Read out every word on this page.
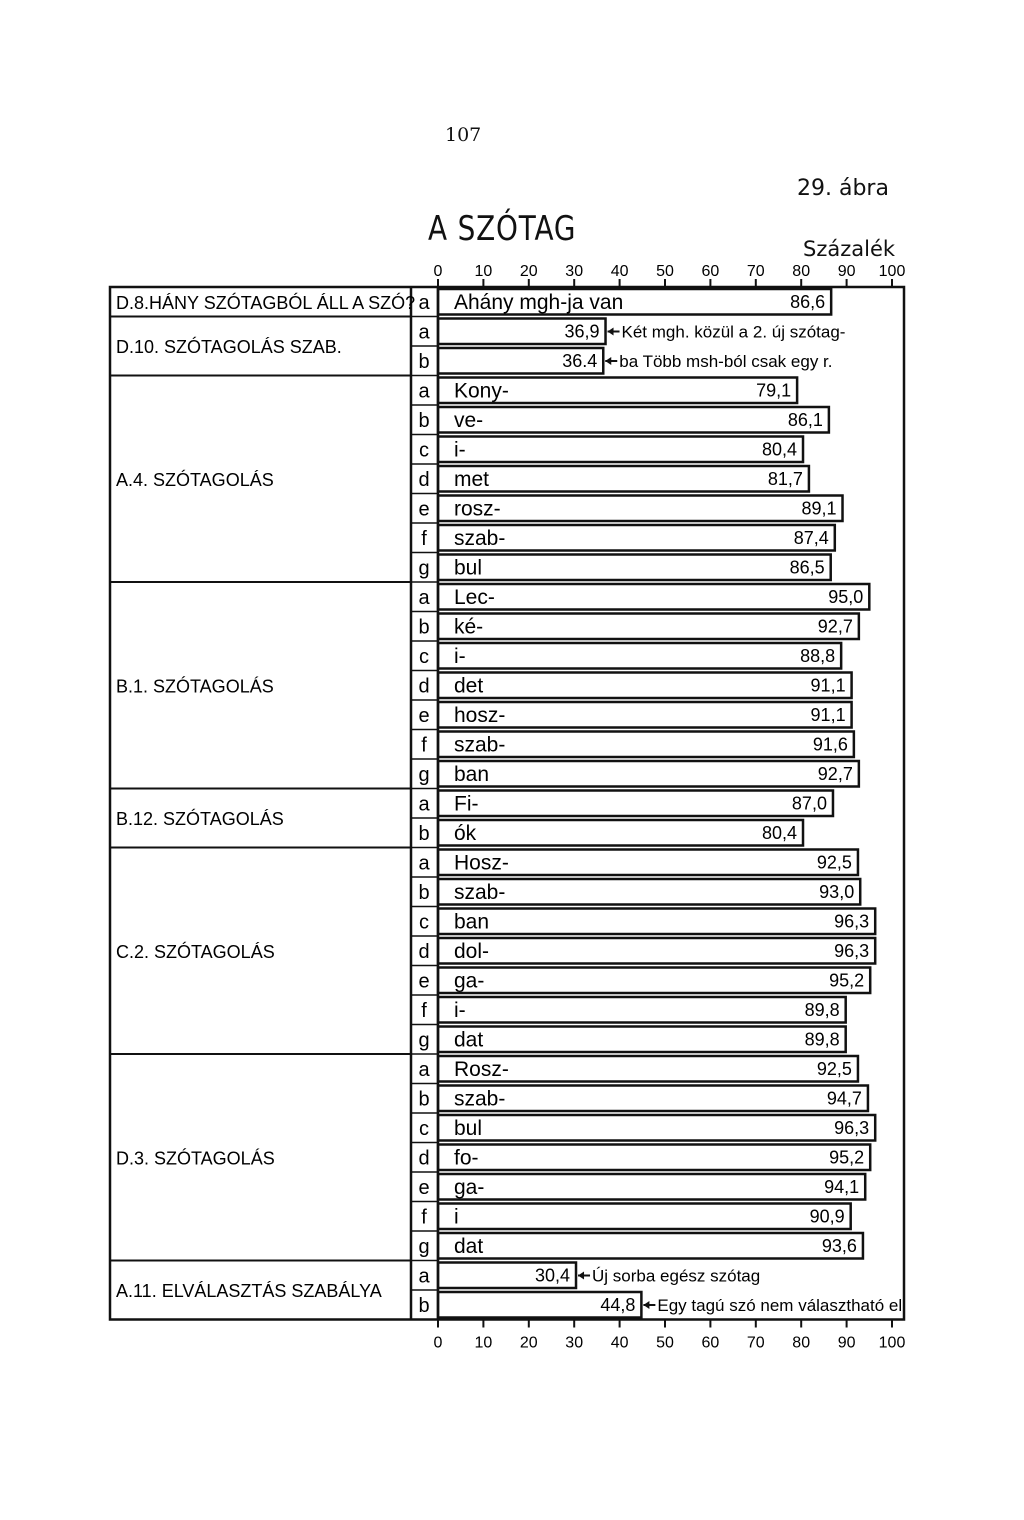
107
29. ábra
A SZÓTAG	Százalék
0
0
10
10
20
20
30
30
40
40
50
50
60
60
70
70
80
80
90
90
100
100
D.8.HÁNY SZÓTAGBÓL ÁLL A SZÓ? a Ahány mgh-ja van	86,6
D.10. SZÓTAGOLÁS SZAB.
a	36,9 Két mgh. közül a 2. új szótag-
b	36.4 ba Több msh-ból csak egy r.
A.4. SZÓTAGOLÁS
a Kony-	79,1
b ve-	86,1
c i-	80,4
d met	81,7
e rosz-	89,1
f szab-	87,4
g bul	86,5
B.1. SZÓTAGOLÁS
a Lec-	95,0
b ké-	92,7
c i-	88,8
d det	91,1
e hosz-	91,1
f szab-	91,6
g ban	92,7
B.12. SZÓTAGOLÁS
a Fi-	87,0
b ók	80,4
C.2. SZÓTAGOLÁS
a Hosz-	92,5
b szab-	93,0
c ban	96,3
d dol-	96,3
e ga-	95,2
f i-	89,8
g dat	89,8
D.3. SZÓTAGOLÁS
a Rosz-	92,5
b szab-	94,7
c bul	96,3
d fo-	95,2
e ga-	94,1
f i	90,9
g dat	93,6
A.11. ELVÁLASZTÁS SZABÁLYA
a	30,4 Új sorba egész szótag
b	44,8 Egy tagú szó nem választható el
